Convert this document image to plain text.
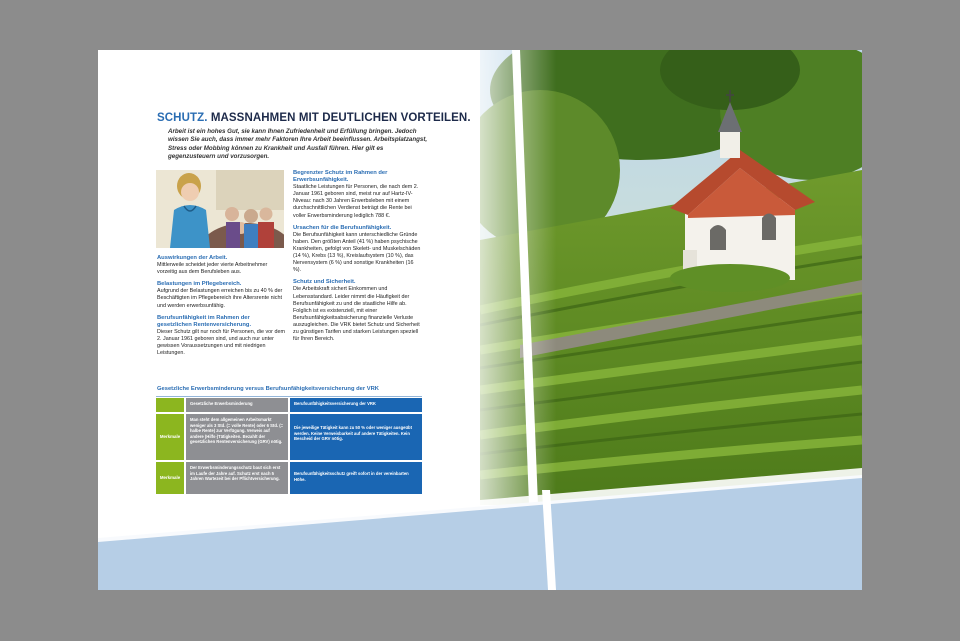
SCHUTZ. MASSNAHMEN MIT DEUTLICHEN VORTEILEN.
Arbeit ist ein hohes Gut, sie kann Ihnen Zufriedenheit und Erfüllung bringen. Jedoch wissen Sie auch, dass immer mehr Faktoren Ihre Arbeit beeinflussen. Arbeitsplatzangst, Stress oder Mobbing können zu Krankheit und Ausfall führen. Hier gilt es gegenzusteuern und vorzusorgen.
Auswirkungen der Arbeit.

Mittlerweile scheidet jeder vierte Arbeitnehmer vorzeitig aus dem Berufsleben aus.

Belastungen im Pflegebereich.

Aufgrund der Belastungen erreichen bis zu 40 % der Beschäftigten im Pflegebereich ihre Altersrente nicht und werden erwerbsunfähig.

Berufsunfähigkeit im Rahmen der gesetzlichen Rentenversicherung.

Dieser Schutz gilt nur noch für Personen, die vor dem 2. Januar 1961 geboren sind, und auch nur unter gewissen Voraussetzungen und mit niedrigen Leistungen.

Begrenzter Schutz im Rahmen der Erwerbsunfähigkeit.

Staatliche Leistungen für Personen, die nach dem 2. Januar 1961 geboren sind, meist nur auf Hartz-IV-Niveau: nach 30 Jahren Erwerbsleben mit einem durchschnittlichen Verdienst beträgt die Rente bei voller Erwerbsminderung lediglich 788 €.

Ursachen für die Berufsunfähigkeit.

Die Berufsunfähigkeit kann unterschiedliche Gründe haben. Den größten Anteil (41 %) haben psychische Krankheiten, gefolgt von Skelett- und Muskelschäden (14 %), Krebs (13 %), Kreislaufsystem (10 %), das Nervensystem (6 %) und sonstige Krankheiten (16 %).

Schutz und Sicherheit.

Die Arbeitskraft sichert Einkommen und Lebensstandard. Leider nimmt die Häufigkeit der Berufsunfähigkeit zu und die staatliche Hilfe ab. Folglich ist es existenziell, mit einer Berufsunfähigkeitsabsicherung finanzielle Verluste auszugleichen. Die VRK bietet Schutz und Sicherheit zu günstigen Tarifen und starken Leistungen speziell für Ihren Bereich.

Gesetzliche Erwerbsminderung versus Berufsunfähigkeitsversicherung der VRK
Gesetzliche Erwerbsminderung	Berufsunfähigkeitsversicherung der VRK
Merkmale
Man steht dem allgemeinen Arbeitsmarkt weniger als 3 Std. (= volle Rente) oder 6 Std. (= halbe Rente) zur Verfügung. Verweis auf andere (Hilfs-)Tätigkeiten. Bezahlt der gesetzlichen Rentenversicherung (GRV) nötig.
Die jeweilige Tätigkeit kann zu 50 % oder weniger ausgeübt werden. Keine Verweisbarkeit auf andere Tätigkeiten. Kein Bescheid der GRV nötig.
Merkmale
Der Erwerbsminderungsschutz baut sich erst im Laufe der Jahre auf. Schutz erst nach 5 Jahren Wartezeit bei der Pflichtversicherung.
Berufsunfähigkeitsschutz greift sofort in der vereinbarten Höhe.
